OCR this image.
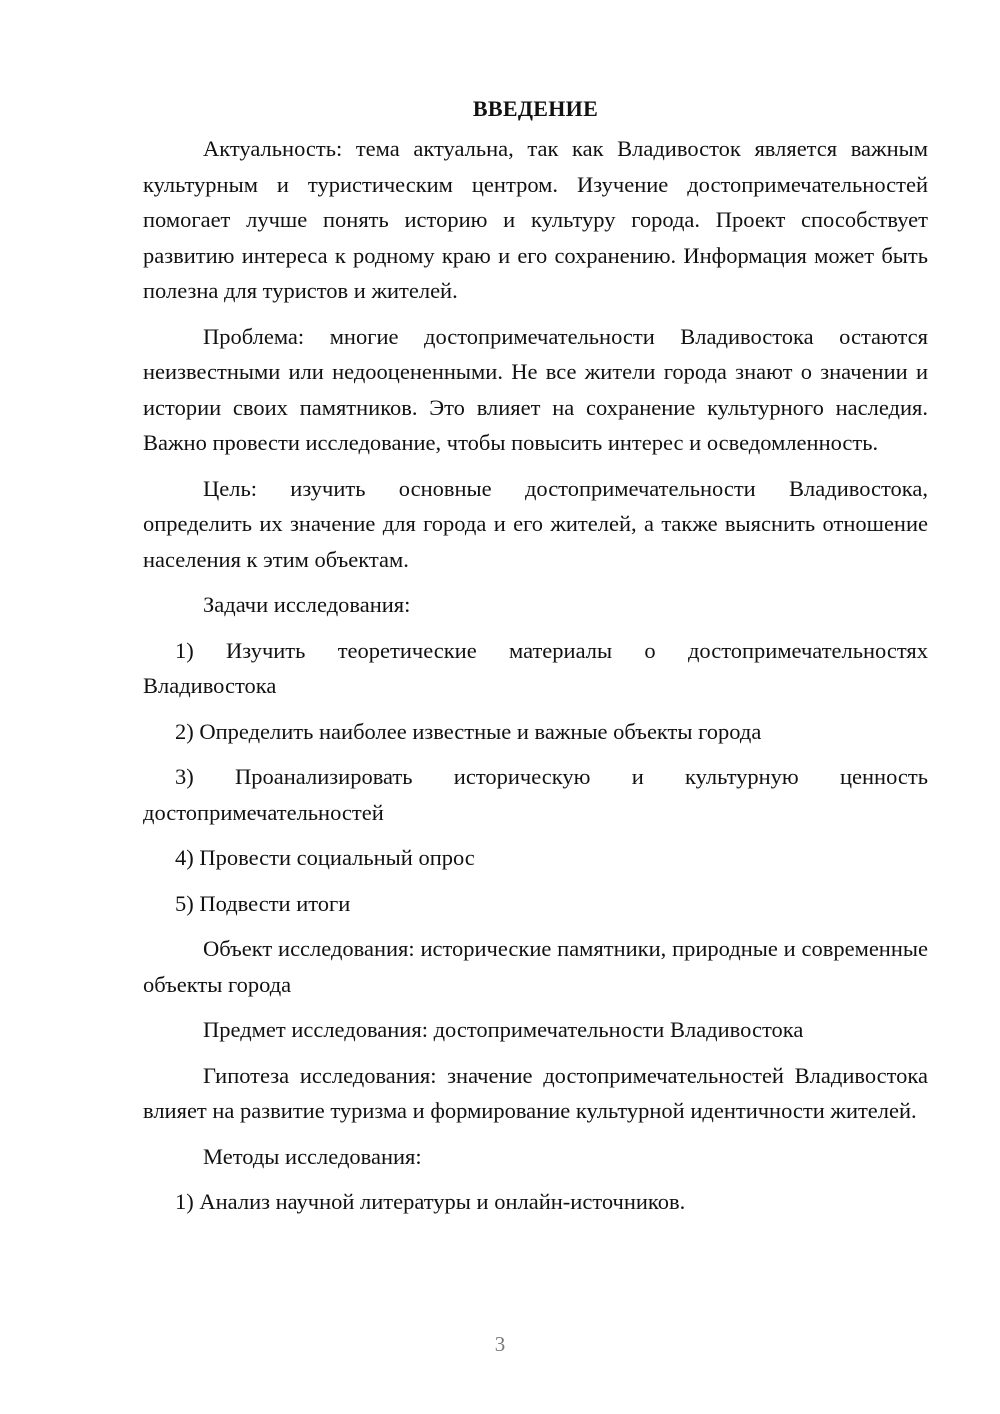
ВВЕДЕНИЕ

Актуальность: тема актуальна, так как Владивосток является важным культурным и туристическим центром. Изучение достопримечательностей помогает лучше понять историю и культуру города. Проект способствует развитию интереса к родному краю и его сохранению. Информация может быть полезна для туристов и жителей.

Проблема: многие достопримечательности Владивостока остаются неизвестными или недооцененными. Не все жители города знают о значении и истории своих памятников. Это влияет на сохранение культурного наследия. Важно провести исследование, чтобы повысить интерес и осведомленность.

Цель: изучить основные достопримечательности Владивостока, определить их значение для города и его жителей, а также выяснить отношение населения к этим объектам.

Задачи исследования:

1) Изучить теоретические материалы о достопримечательностях Владивостока

2) Определить наиболее известные и важные объекты города

3) Проанализировать историческую и культурную ценность достопримечательностей

4) Провести социальный опрос

5) Подвести итоги

Объект исследования: исторические памятники, природные и современные объекты города

Предмет исследования: достопримечательности Владивостока

Гипотеза исследования: значение достопримечательностей Владивостока влияет на развитие туризма и формирование культурной идентичности жителей.

Методы исследования:

1) Анализ научной литературы и онлайн-источников.

3
